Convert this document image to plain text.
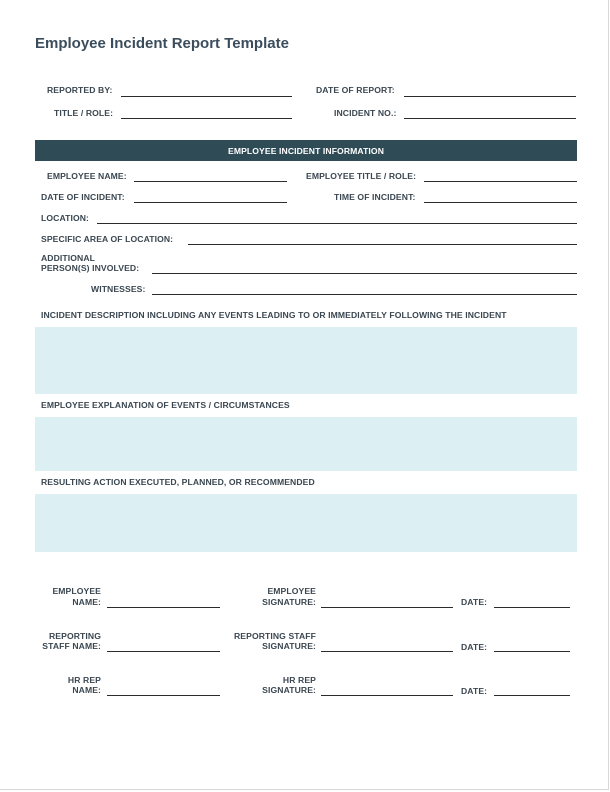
Employee Incident Report Template
REPORTED BY:	DATE OF REPORT:
TITLE / ROLE:	INCIDENT NO.:
EMPLOYEE INCIDENT INFORMATION
EMPLOYEE NAME:	EMPLOYEE TITLE / ROLE:
DATE OF INCIDENT:	TIME OF INCIDENT:
LOCATION:
SPECIFIC AREA OF LOCATION:
ADDITIONAL
PERSON(S) INVOLVED:
WITNESSES:
INCIDENT DESCRIPTION INCLUDING ANY EVENTS LEADING TO OR IMMEDIATELY FOLLOWING THE INCIDENT
EMPLOYEE EXPLANATION OF EVENTS / CIRCUMSTANCES
RESULTING ACTION EXECUTED, PLANNED, OR RECOMMENDED
EMPLOYEE
NAME:
EMPLOYEE
SIGNATURE:	DATE:
REPORTING
STAFF NAME:
REPORTING STAFF
SIGNATURE:	DATE:
HR REP
NAME:
HR REP
SIGNATURE:	DATE:
